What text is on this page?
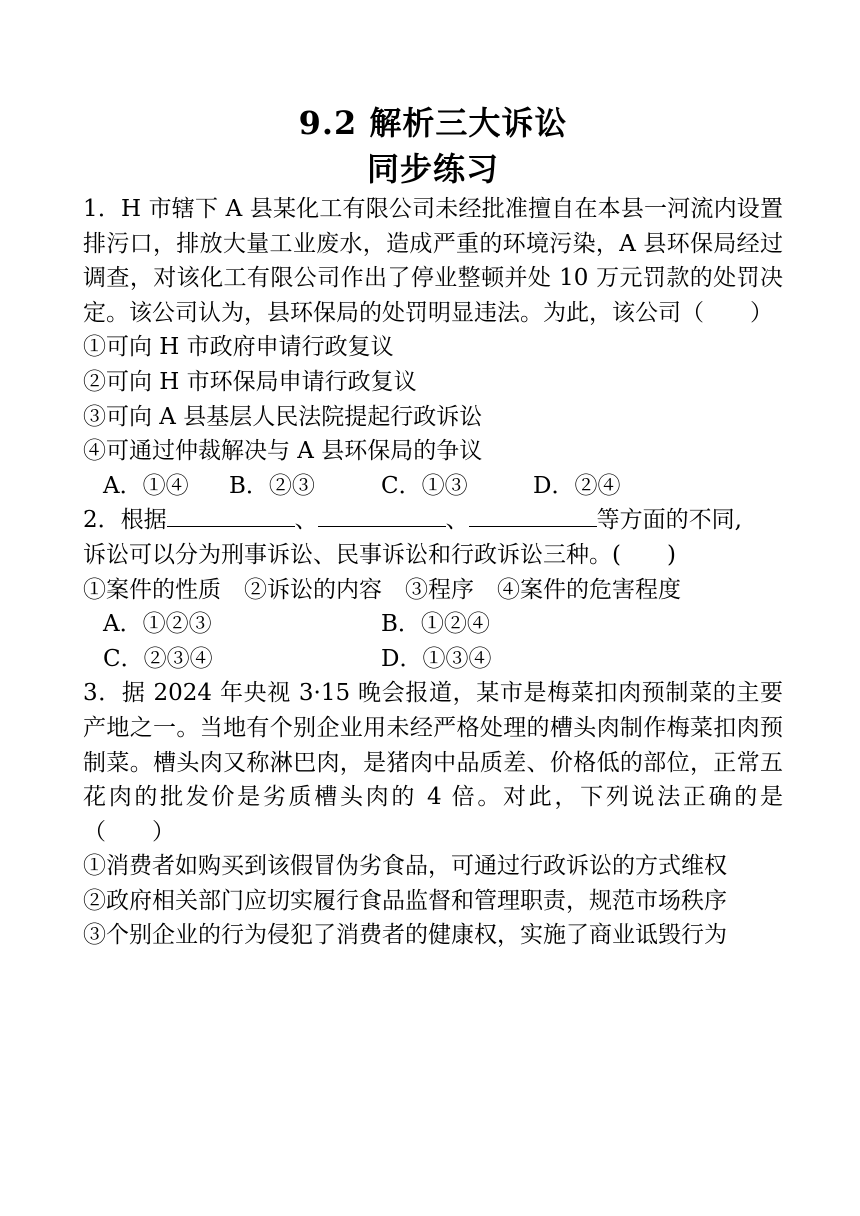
9.2 解析三大诉讼
同步练习
1．H 市辖下 A 县某化工有限公司未经批准擅自在本县一河流内设置排污口，排放大量工业废水，造成严重的环境污染，A 县环保局经过调查，对该化工有限公司作出了停业整顿并处 10 万元罚款的处罚决定。该公司认为，县环保局的处罚明显违法。为此，该公司（　　）
①可向 H 市政府申请行政复议
②可向 H 市环保局申请行政复议
③可向 A 县基层人民法院提起行政诉讼
④可通过仲裁解决与 A 县环保局的争议
A．①④	B．②③	C．①③	D．②④
2．根据	、	、	等方面的不同,
诉讼可以分为刑事诉讼、民事诉讼和行政诉讼三种。(　　)
①案件的性质　②诉讼的内容　③程序　④案件的危害程度
A．①②③	B．①②④
C．②③④	D．①③④
3．据 2024 年央视 3·15 晚会报道，某市是梅菜扣肉预制菜的主要产地之一。当地有个别企业用未经严格处理的槽头肉制作梅菜扣肉预制菜。槽头肉又称淋巴肉，是猪肉中品质差、价格低的部位，正常五花肉的批发价是劣质槽头肉的 4 倍。对此，下列说法正确的是（　　）
①消费者如购买到该假冒伪劣食品，可通过行政诉讼的方式维权
②政府相关部门应切实履行食品监督和管理职责，规范市场秩序
③个别企业的行为侵犯了消费者的健康权，实施了商业诋毁行为
